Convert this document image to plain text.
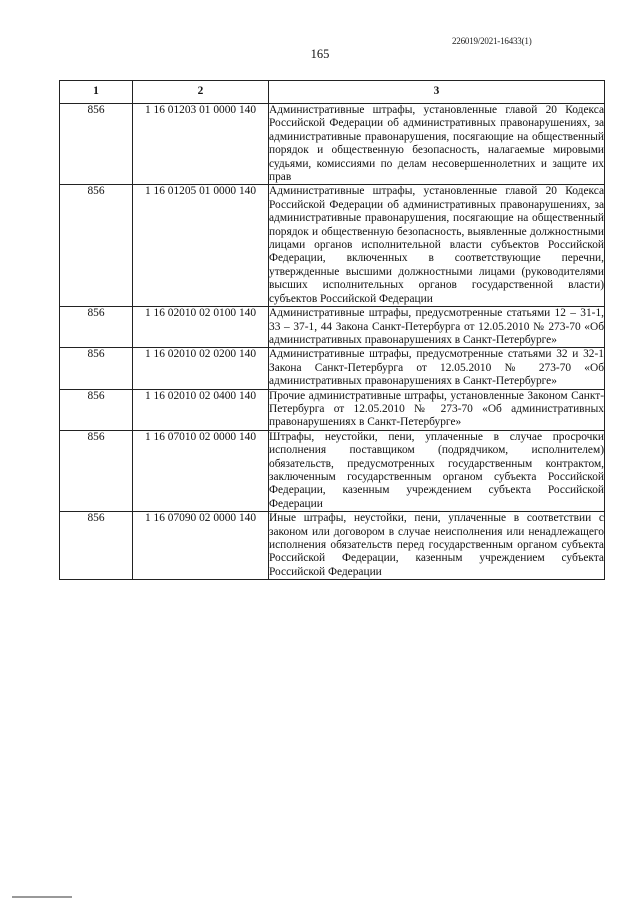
226019/2021-16433(1)
165
1	2	3
856	1 16 01203 01 0000 140	Административные штрафы, установленные главой 20 Кодекса Российской Федерации об административных правонарушениях, за административные правонарушения, посягающие на общественный порядок и общественную безопасность, налагаемые мировыми судьями, комиссиями по делам несовершеннолетних и защите их прав
856	1 16 01205 01 0000 140	Административные штрафы, установленные главой 20 Кодекса Российской Федерации об административных правонарушениях, за административные правонарушения, посягающие на общественный порядок и общественную безопасность, выявленные должностными лицами органов исполнительной власти субъектов Российской Федерации, включенных в соответствующие перечни, утвержденные высшими должностными лицами (руководителями высших исполнительных органов государственной власти) субъектов Российской Федерации
856	1 16 02010 02 0100 140	Административные штрафы, предусмотренные статьями 12 – 31-1, 33 – 37-1, 44 Закона Санкт-Петербурга от 12.05.2010 № 273-70 «Об административных правонарушениях в Санкт-Петербурге»
856	1 16 02010 02 0200 140	Административные штрафы, предусмотренные статьями 32 и 32-1 Закона Санкт-Петербурга от 12.05.2010 № 273-70 «Об административных правонарушениях в Санкт-Петербурге»
856	1 16 02010 02 0400 140	Прочие административные штрафы, установленные Законом Санкт-Петербурга от 12.05.2010 № 273-70 «Об административных правонарушениях в Санкт-Петербурге»
856	1 16 07010 02 0000 140	Штрафы, неустойки, пени, уплаченные в случае просрочки исполнения поставщиком (подрядчиком, исполнителем) обязательств, предусмотренных государственным контрактом, заключенным государственным органом субъекта Российской Федерации, казенным учреждением субъекта Российской Федерации
856	1 16 07090 02 0000 140	Иные штрафы, неустойки, пени, уплаченные в соответствии с законом или договором в случае неисполнения или ненадлежащего исполнения обязательств перед государственным органом субъекта Российской Федерации, казенным учреждением субъекта Российской Федерации
